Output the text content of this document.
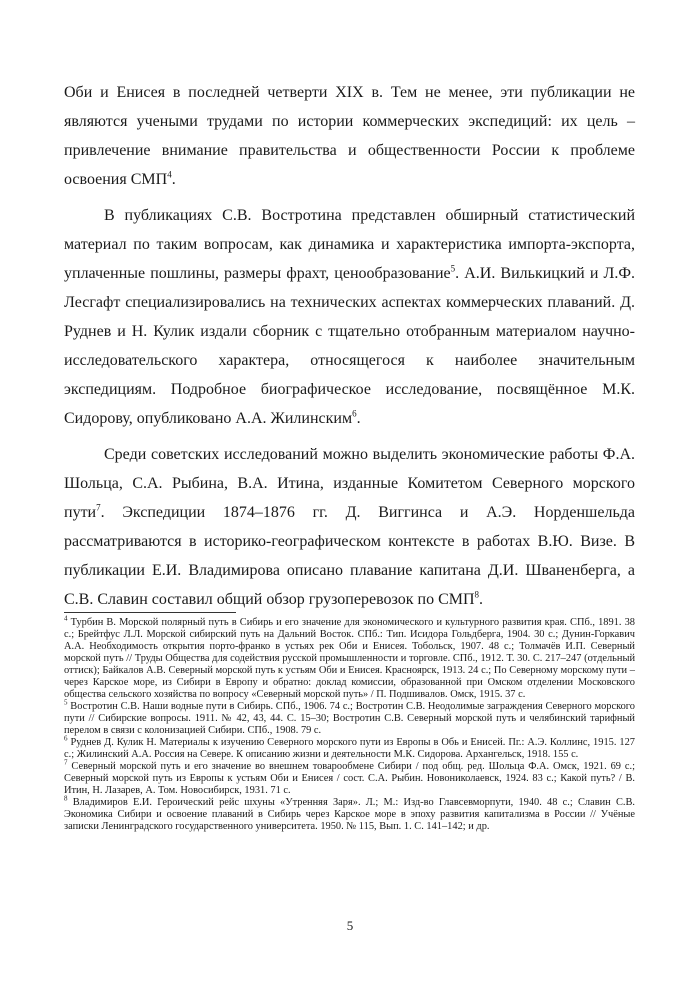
Оби и Енисея в последней четверти XIX в. Тем не менее, эти публикации не являются учеными трудами по истории коммерческих экспедиций: их цель – привлечение внимание правительства и общественности России к проблеме освоения СМП$^4$.

В публикациях С.В. Востротина представлен обширный статистический материал по таким вопросам, как динамика и характеристика импорта-экспорта, уплаченные пошлины, размеры фрахт, ценообразование$^5$. А.И. Вилькицкий и Л.Ф. Лесгафт специализировались на технических аспектах коммерческих плаваний. Д. Руднев и Н. Кулик издали сборник с тщательно отобранным материалом научно-исследовательского характера, относящегося к наиболее значительным экспедициям. Подробное биографическое исследование, посвящённое М.К. Сидорову, опубликовано А.А. Жилинским$^6$.

Среди советских исследований можно выделить экономические работы Ф.А. Шольца, С.А. Рыбина, В.А. Итина, изданные Комитетом Северного морского пути$^7$. Экспедиции 1874–1876 гг. Д. Виггинса и А.Э. Норденшельда рассматриваются в историко-географическом контексте в работах В.Ю. Визе. В публикации Е.И. Владимирова описано плавание капитана Д.И. Шваненберга, а С.В. Славин составил общий обзор грузоперевозок по СМП$^8$.

$^4$ Турбин В. Морской полярный путь в Сибирь и его значение для экономического и культурного развития края. СПб., 1891. 38 с.; Брейтфус Л.Л. Морской сибирский путь на Дальний Восток. СПб.: Тип. Исидора Гольдберга, 1904. 30 с.; Дунин-Горкавич А.А. Необходимость открытия порто-франко в устьях рек Оби и Енисея. Тобольск, 1907. 48 с.; Толмачёв И.П. Северный морской путь // Труды Общества для содействия русской промышленности и торговле. СПб., 1912. Т. 30. С. 217–247 (отдельный оттиск); Байкалов А.В. Северный морской путь к устьям Оби и Енисея. Красноярск, 1913. 24 с.; По Северному морскому пути – через Карское море, из Сибири в Европу и обратно: доклад комиссии, образованной при Омском отделении Московского общества сельского хозяйства по вопросу «Северный морской путь» / П. Подшивалов. Омск, 1915. 37 с.

$^5$ Востротин С.В. Наши водные пути в Сибирь. СПб., 1906. 74 с.; Востротин С.В. Неодолимые заграждения Северного морского пути // Сибирские вопросы. 1911. № 42, 43, 44. С. 15–30; Востротин С.В. Северный морской путь и челябинский тарифный перелом в связи с колонизацией Сибири. СПб., 1908. 79 с.

$^6$ Руднев Д. Кулик Н. Материалы к изучению Северного морского пути из Европы в Обь и Енисей. Пг.: А.Э. Коллинс, 1915. 127 с.; Жилинский А.А. Россия на Севере. К описанию жизни и деятельности М.К. Сидорова. Архангельск, 1918. 155 с.

$^7$ Северный морской путь и его значение во внешнем товарообмене Сибири / под общ. ред. Шольца Ф.А. Омск, 1921. 69 с.; Северный морской путь из Европы к устьям Оби и Енисея / сост. С.А. Рыбин. Новониколаевск, 1924. 83 с.; Какой путь? / В. Итин, Н. Лазарев, А. Том. Новосибирск, 1931. 71 с.

$^8$ Владимиров Е.И. Героический рейс шхуны «Утренняя Заря». Л.; М.: Изд-во Главсевморпути, 1940. 48 с.; Славин С.В. Экономика Сибири и освоение плаваний в Сибирь через Карское море в эпоху развития капитализма в России // Учёные записки Ленинградского государственного университета. 1950. № 115, Вып. 1. С. 141–142; и др.

5
